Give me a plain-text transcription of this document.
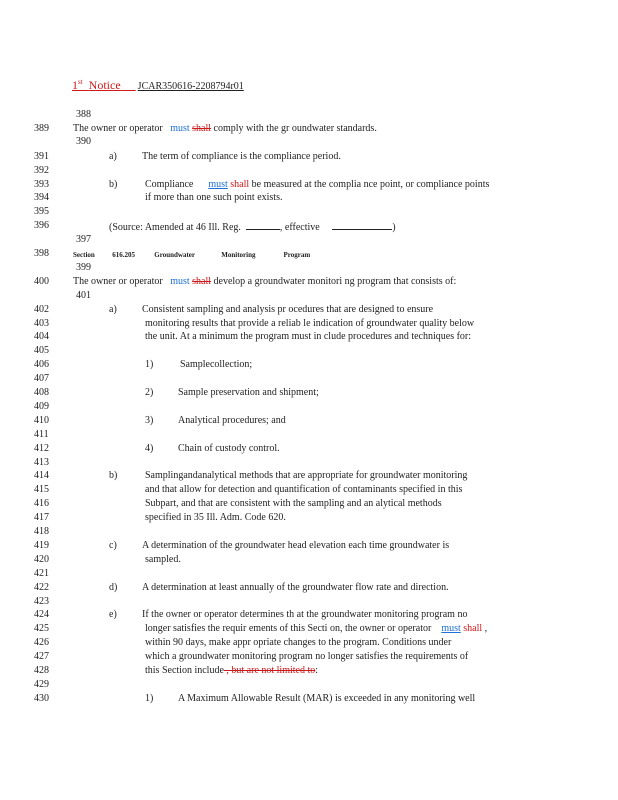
1st Notice JCAR350616-2208794r01
388
389
390
391
392
393
394
395
396
397
398
399
400
401
402
403
404
405
406
407
408
409
410
411
412
413
414
415
416
417
418
419
420
421
422
423
424
425
426
427
428
429
430
The owner or operator must shall comply with the gr oundwater standards.
a)	The term of compliance is the compliance period.
b)	Compliance must shall be measured at the complia nce point, or compliance points
if more than one such point exists.
(Source: Amended at 46 Ill. Reg.	, effective	)
Section	616.205	Groundwater	Monitoring	Program
The owner or operator must shall develop a groundwater monitori ng program that consists of:
a)	Consistent sampling and analysis pr ocedures that are designed to ensure
monitoring results that provide a reliab le indication of groundwater quality below
the unit. At a minimum the program must in clude procedures and techniques for:
1)	Samplecollection;
2) Sample preservation and shipment;
3) Analytical procedures; and
4) Chain of custody control.
b)	Samplingandanalytical methods that are appropriate for groundwater monitoring
and that allow for detection and quantification of contaminants specified in this
Subpart, and that are consistent with the sampling and an alytical methods
specified in 35 Ill. Adm. Code 620.
c)	A determination of the groundwater head elevation each time groundwater is
sampled.
d) A determination at least annually of the groundwater flow rate and direction.
e)	If the owner or operator determines th at the groundwater monitoring program no
longer satisfies the requir ements of this Secti on, the owner or operator must shall ,
within 90 days, make appr opriate changes to the program. Conditions under
which a groundwater monitoring program no longer satisfies the requirements of
this Section include , but are not limited to:
1) A Maximum Allowable Result (MAR) is exceeded in any monitoring well
